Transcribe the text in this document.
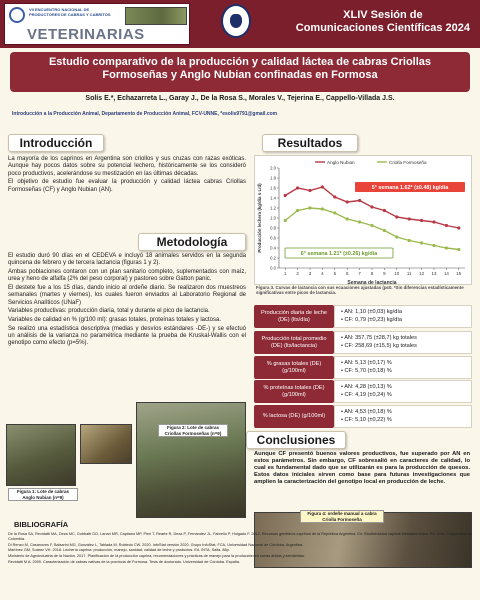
VII ENCUENTRO NACIONAL DE PRODUCTORES DE CABRAS Y CABRITOS
VETERINARIAS
XLIV Sesión de
Comunicaciones Científicas 2024
Estudio comparativo de la producción y calidad láctea de cabras Criollas
Formoseñas y Anglo Nubian confinadas en Formosa
Solís E.*, Echazarreta L., Garay J., De la Rosa S., Morales V., Tejerina E., Cappello-Villada J.S.
Introducción a la Producción Animal, Departamento de Producción Animal, FCV-UNNE, *esolis9791@gmail.com
Introducción

La mayoría de los caprinos en Argentina son criollos y sus cruzas con razas exóticas. Aunque hay pocos datos sobre su potencial lechero, históricamente se los consideró poco productivos, acelerándose su mestización en las últimas décadas.

El objetivo de estudio fue evaluar la producción y calidad láctea cabras Criollas Formoseñas (CF) y Anglo Nubian (AN).

Metodología

El estudio duró 90 días en el CEDEVA e incluyó 18 animales servidos en la segunda quincena de febrero y de tercera lactancia (figuras 1 y 2).

Ambas poblaciones contaron con un plan sanitario completo, suplementados con maíz, urea y heno de alfalfa (2% del peso corporal) y pastoreo sobre Gatton panic.

El destete fue a los 15 días, dando inicio al ordeñe diario. Se realizaron dos muestreos semanales (martes y viernes), los cuales fueron enviados al Laboratorio Regional de Servicios Analíticos (UNaF)

Variables productivas: producción diaria, total y durante el pico de lactancia.

Variables de calidad en % (g/100 ml): grasas totales, proteínas totales y lactosa.

Se realizó una estadística descriptiva (medias y desvíos estándares -DE-) y se efectuó un análisis de la varianza no paramétrica mediante la prueba de Kruskal-Wallis con el genotipo como efecto (p=5%).

Resultados
0.0
0.2
0.4
0.6
0.8
1.0
1.2
1.4
1.6
1.8
2.0
1 2 3 4 5 6 7 8 9 10 11 12 13 14 15
Semana de lactancia
Producción lechera (kg/día o L/d)
Anglo Nubian	Criolla Formoseña
5° semana 1.62* (±0.48) kg/día
6° semana 1.21* (±0.26) kg/día
Figura 3. Curvas de lactancia con sus ecuaciones ajustadas (p≤0. *Sin diferencias estadísticamente significativas entre picos de lactancia.
Producción diaria de leche (DE) (lts/día)
• AN: 1,10 (±0,03) kg/día
• CF: 0,79 (±0,23) kg/día
Producción total promedio (DE) (lts/lactancia)
• AN: 357,75 (±28,7) kg totales
• CF: 258,69 (±15,5) kg totales
% grasas totales (DE) (g/100ml)
• AN: 5,13 (±0,17) %
• CF: 5,70 (±0,18) %
% proteínas totales (DE) (g/100ml)
• AN: 4,28 (±0,13) %
• CF: 4,19 (±0,24) %
% lactosa (DE) (g/100ml)
• AN: 4,53 (±0,18) %
• CF: 5,10 (±0,22) %
Conclusiones
Aunque CF presentó buenos valores productivos, fue superado por AN en estos parámetros. Sin embargo, CF sobresalió en caracteres de calidad, lo cual es fundamental dado que se utilizarán es para la producción de quesos. Estos datos iniciales sirven como base para futuras investigaciones que amplíen la caracterización del genotipo local en producción de leche.
Figura 1: Lote de cabras Anglo Nubian (n=9)
Figura 2: Lote de cabras Criollas Formoseñas (n=9)
Figura 4: ordeñe manual a cabra Criolla Formoseña
BIBLIOGRAFÍA

De la Rosa SA, Revidatti MA, Deza MC, Gobbatti DO, Lanari MR, Capitano MP, Pieri T, Rearte R, Deza P, Fernández JL, Fabrello P, Holgado F. 2012. Recursos genéticos caprinos de la República Argentina. En: Biodiversidad caprina iberoamericana. Ed. Univ. Cooperativa de Colombia.

Di Renzo M, Casanoves F, Balzarini MG, González L, Tablada M, Robledo CW. 2020. InfoStat versión 2020. Grupo InfoStat, FCA, Universidad Nacional de Córdoba, Argentina.

Martínez GM, Suárez VH. 2018. Lechería caprina: producción, manejo, sanidad, calidad de leche y productos. Ed. INTA, Salta. 88p.

Ministerio de Agroindustria de la Nación. 2017. Planificación de la producción caprina, recomendaciones y prácticas de manejo para la producción en zonas áridas y semiáridas.

Revidatti M A. 2009. Caracterización de cabras nativas de la provincia de Formosa. Tesis de doctorado. Universidad de Córdoba. España.
